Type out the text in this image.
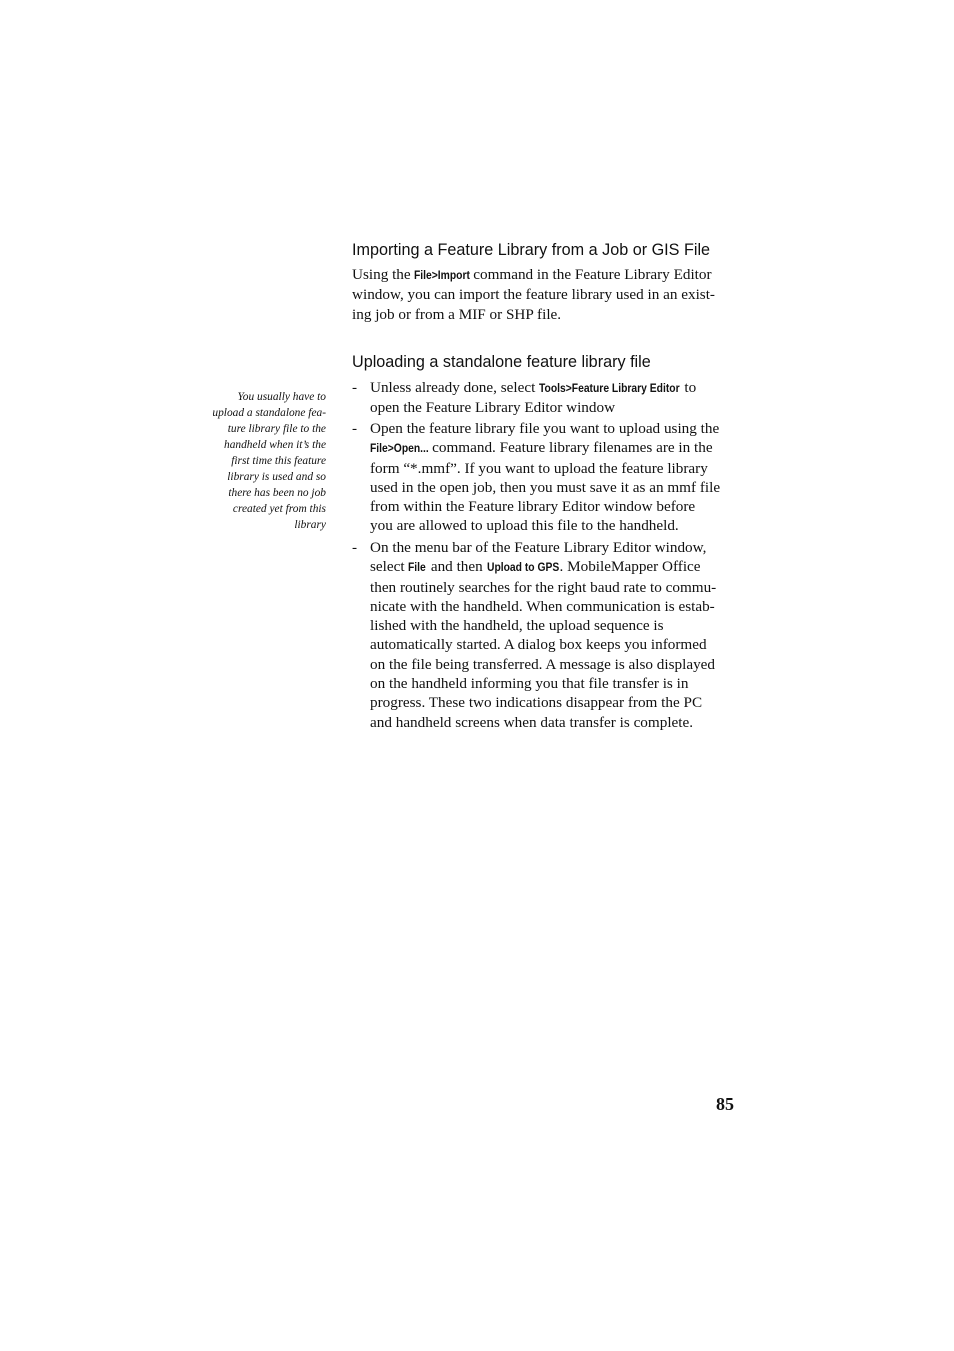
Importing a Feature Library from a Job or GIS File
Using the File>Import command in the Feature Library Editor
window, you can import the feature library used in an exist-
ing job or from a MIF or SHP file.
Uploading a standalone feature library file
- Unless already done, select Tools>Feature Library Editor to
open the Feature Library Editor window
- Open the feature library file you want to upload using the
File>Open... command. Feature library filenames are in the
form “*.mmf”. If you want to upload the feature library
used in the open job, then you must save it as an mmf file
from within the Feature library Editor window before
you are allowed to upload this file to the handheld.
- On the menu bar of the Feature Library Editor window,
select File and then Upload to GPS. MobileMapper Office
then routinely searches for the right baud rate to commu-
nicate with the handheld. When communication is estab-
lished with the handheld, the upload sequence is
automatically started. A dialog box keeps you informed
on the file being transferred. A message is also displayed
on the handheld informing you that file transfer is in
progress. These two indications disappear from the PC
and handheld screens when data transfer is complete.
You usually have to
upload a standalone fea-
ture library file to the
handheld when it’s the
first time this feature
library is used and so
there has been no job
created yet from this
library
85
